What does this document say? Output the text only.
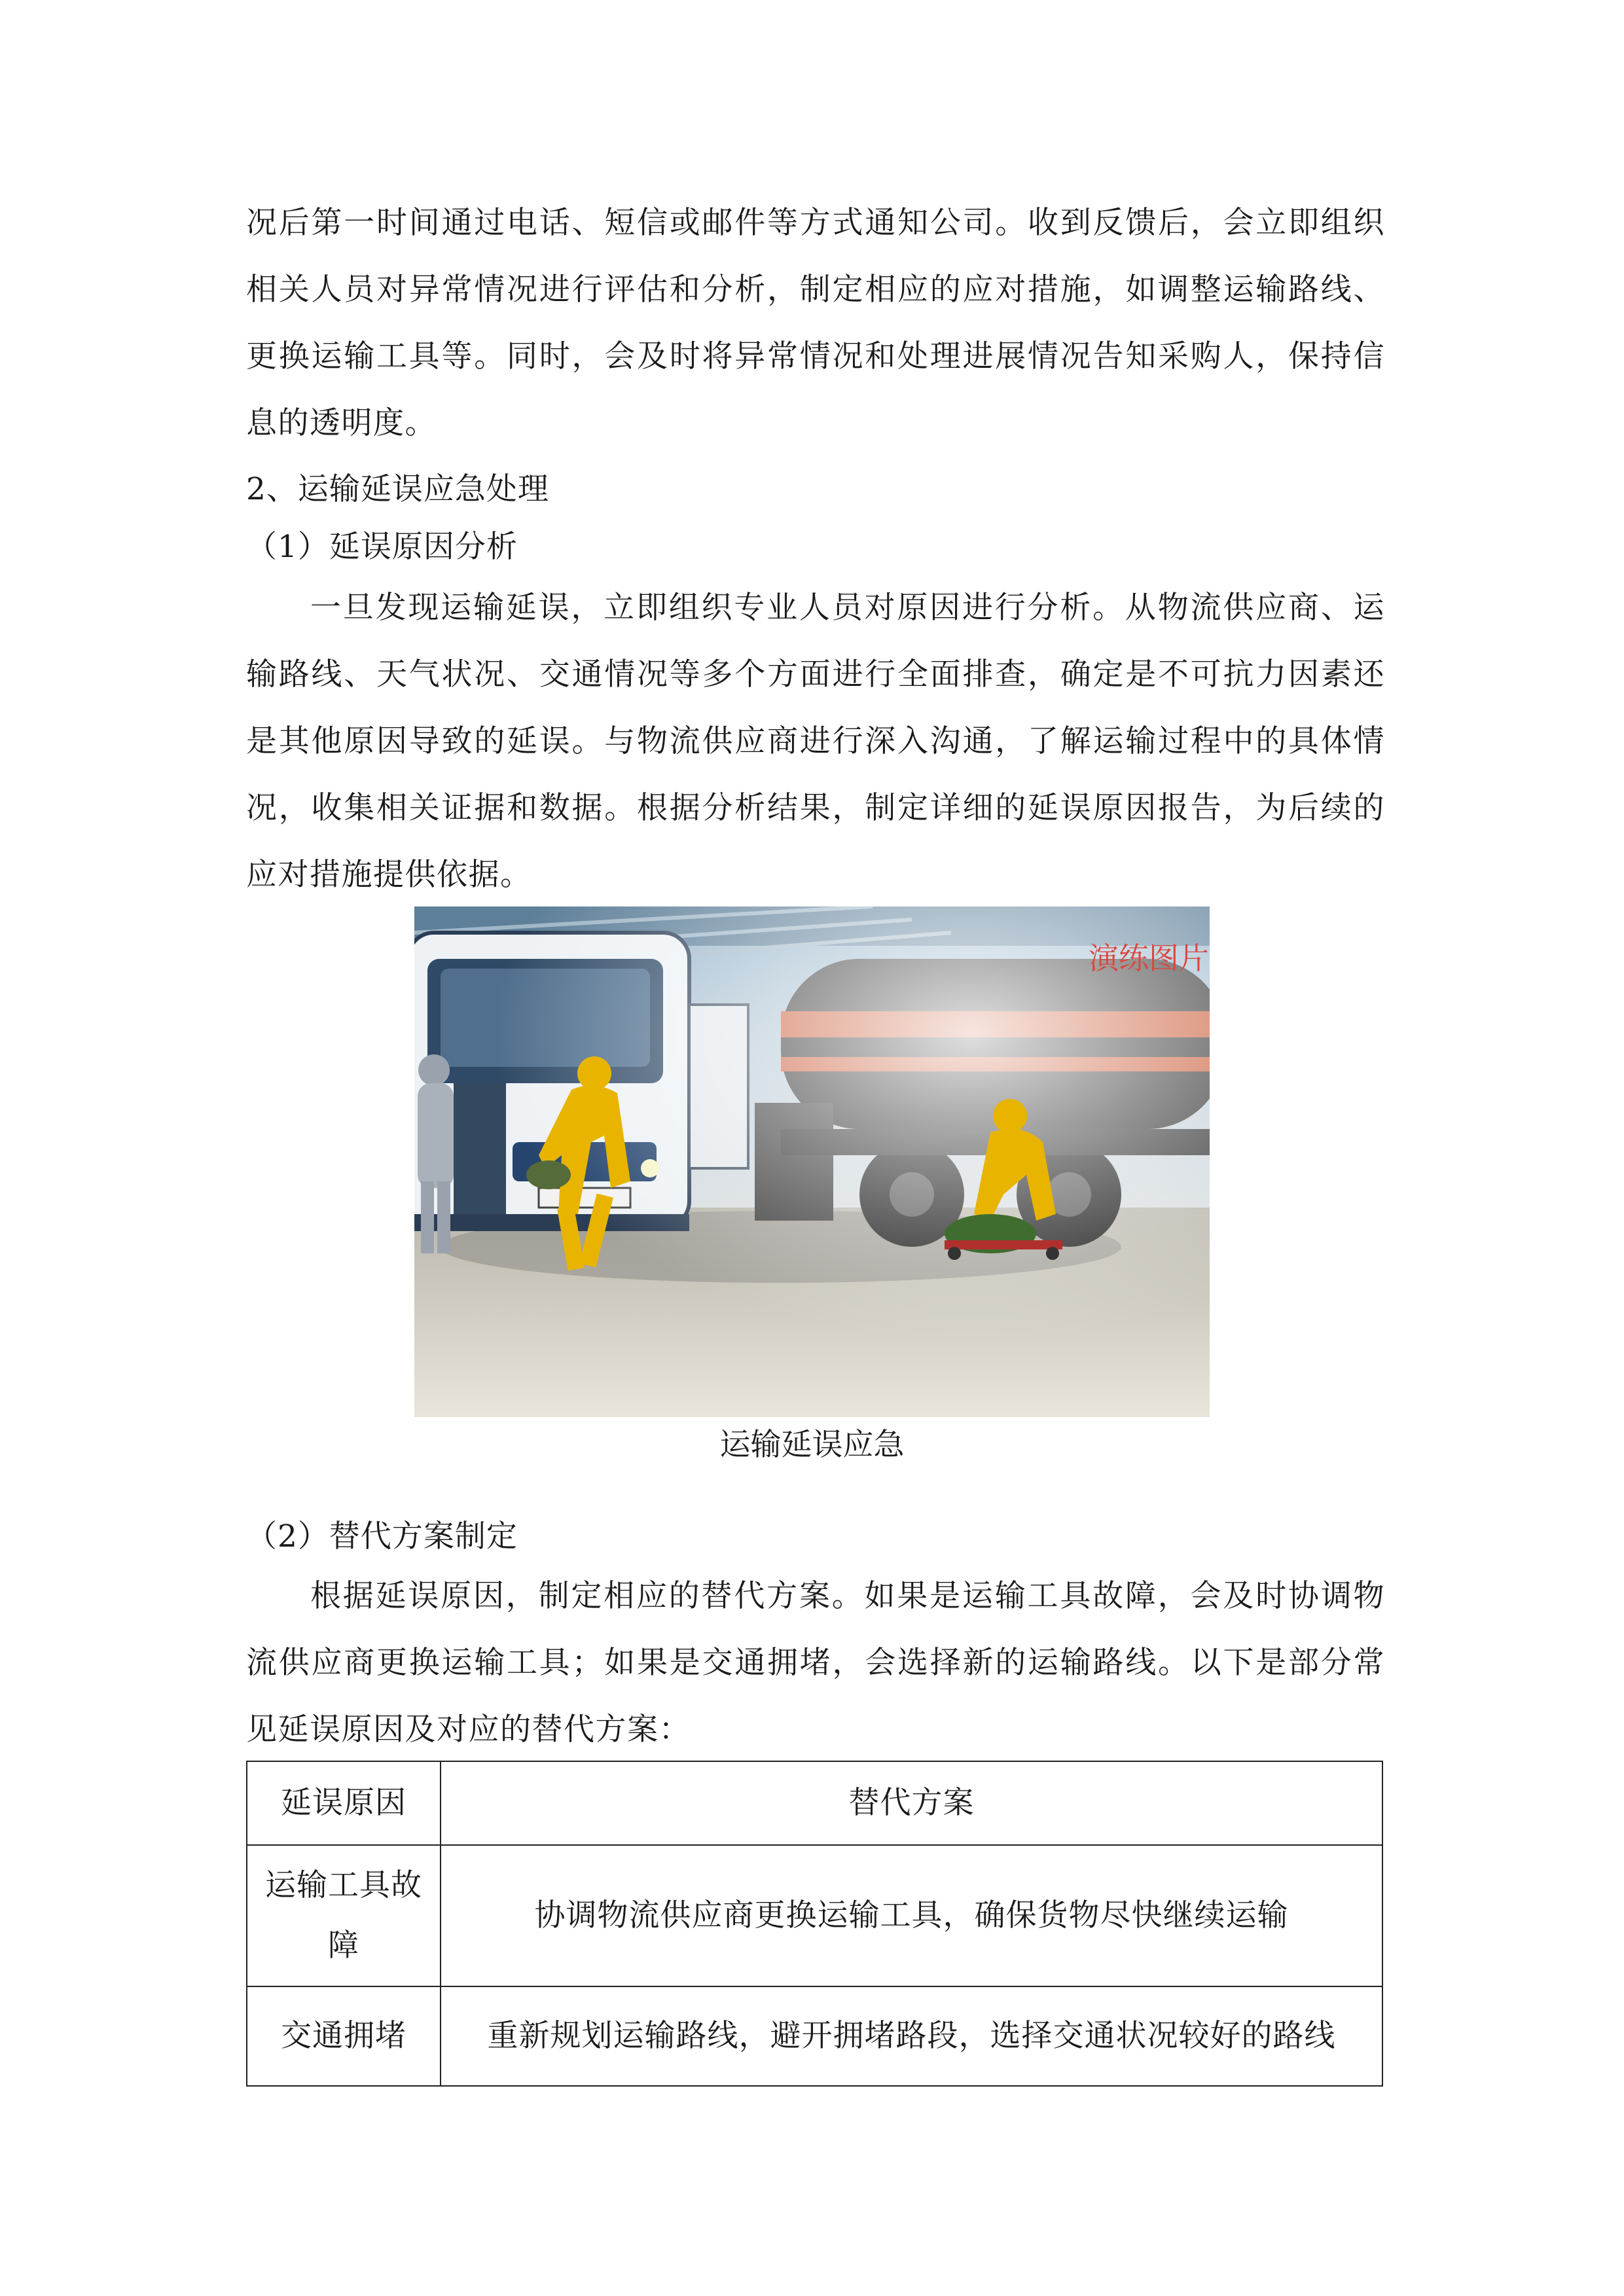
况后第一时间通过电话、短信或邮件等方式通知公司。收到反馈后，会立即组织相关人员对异常情况进行评估和分析，制定相应的应对措施，如调整运输路线、更换运输工具等。同时，会及时将异常情况和处理进展情况告知采购人，保持信息的透明度。

2、运输延误应急处理

（1）延误原因分析

一旦发现运输延误，立即组织专业人员对原因进行分析。从物流供应商、运输路线、天气状况、交通情况等多个方面进行全面排查，确定是不可抗力因素还是其他原因导致的延误。与物流供应商进行深入沟通，了解运输过程中的具体情况，收集相关证据和数据。根据分析结果，制定详细的延误原因报告，为后续的应对措施提供依据。

演练图片

运输延误应急

（2）替代方案制定

根据延误原因，制定相应的替代方案。如果是运输工具故障，会及时协调物流供应商更换运输工具；如果是交通拥堵，会选择新的运输路线。以下是部分常见延误原因及对应的替代方案：

延误原因	替代方案
运输工具故障	协调物流供应商更换运输工具，确保货物尽快继续运输
交通拥堵	重新规划运输路线，避开拥堵路段，选择交通状况较好的路线
